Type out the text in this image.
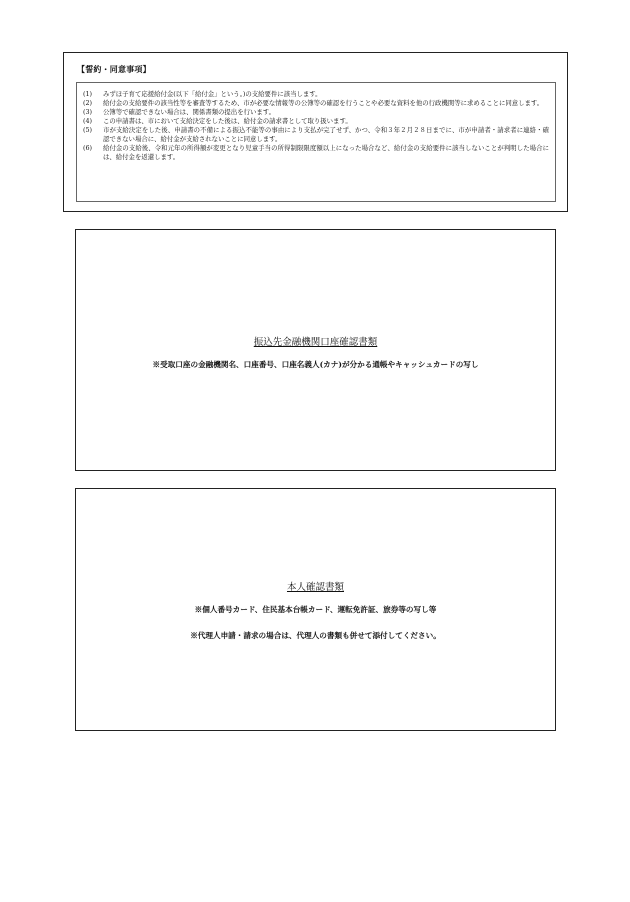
【誓約・同意事項】
(1)	みずほ子育て応援給付金(以下「給付金」という。)の支給要件に該当します。
(2)	給付金の支給要件の該当性等を審査等するため、市が必要な情報等の公簿等の確認を行うことや必要な資料を他の行政機関等に求めることに同意します。
(3)	公簿等で確認できない場合は、関係書類の提出を行います。
(4)	この申請書は、市において支給決定をした後は、給付金の請求書として取り扱います。
(5)	市が支給決定をした後、申請書の不備による振込不能等の事由により支払が完了せず、かつ、令和３年２月２８日までに、市が申請者・請求者に連絡・確認できない場合に、給付金が支給されないことに同意します。
(6)	給付金の支給後、令和元年の所得額が変更となり児童手当の所得制限限度額以上になった場合など、給付金の支給要件に該当しないことが判明した場合には、給付金を返還します。
振込先金融機関口座確認書類
※受取口座の金融機関名、口座番号、口座名義人(カナ)が分かる通帳やキャッシュカードの写し
本人確認書類
※個人番号カード、住民基本台帳カード、運転免許証、旅券等の写し等
※代理人申請・請求の場合は、代理人の書類も併せて添付してください。
